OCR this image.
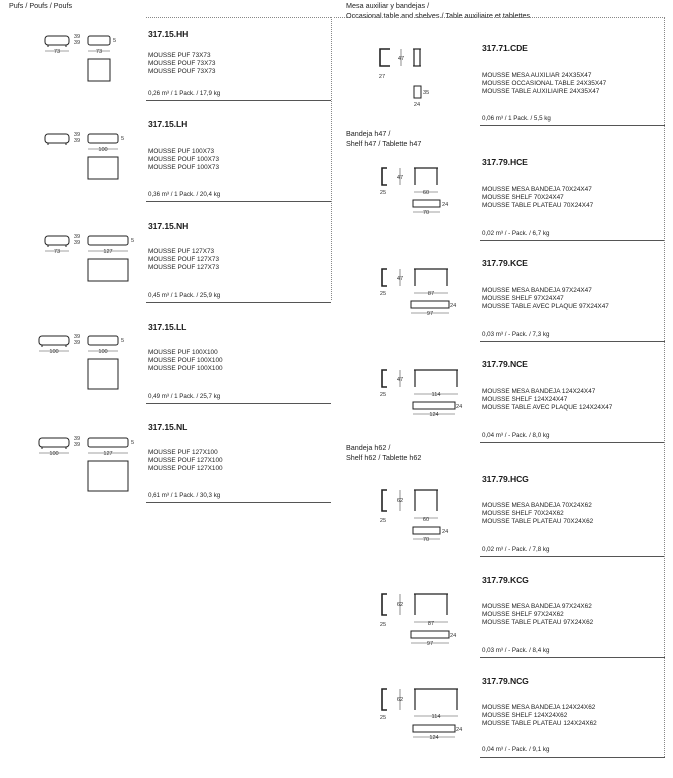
Pufs / Poufs / Poufs	Mesa auxiliar y bandejas /
Occasional table and shelves / Table auxiliaire et tablettes
Bandeja h47 /
Shelf h47 / Tablette h47
Bandeja h62 /
Shelf h62 / Tablette h62
73
39
39	5
73
317.15.HH
MOUSSE PUF 73X73
MOUSSE POUF 73X73
MOUSSE POUF 73X73
0,26 m³ / 1 Pack. / 17,9 kg
39
39	5
100
317.15.LH
MOUSSE PUF 100X73
MOUSSE POUF 100X73
MOUSSE POUF 100X73
0,36 m³ / 1 Pack. / 20,4 kg
73
39
39	5
127
317.15.NH
MOUSSE PUF 127X73
MOUSSE POUF 127X73
MOUSSE POUF 127X73
0,45 m³ / 1 Pack. / 25,9 kg
100
39
39	5
100
317.15.LL
MOUSSE PUF 100X100
MOUSSE POUF 100X100
MOUSSE POUF 100X100
0,49 m³ / 1 Pack. / 25,7 kg
100
39
39	5
127
317.15.NL
MOUSSE PUF 127X100
MOUSSE POUF 127X100
MOUSSE POUF 127X100
0,61 m³ / 1 Pack. / 30,3 kg
47
27
35
24
317.71.CDE
MOUSSE MESA AUXILIAR 24X35X47
MOUSSE OCCASIONAL TABLE 24X35X47
MOUSSE TABLE AUXILIAIRE 24X35X47
0,06 m³ / 1 Pack. / 5,5 kg
47
25	60
24
70
317.79.HCE
MOUSSE MESA BANDEJA 70X24X47
MOUSSE SHELF 70X24X47
MOUSSE TABLE PLATEAU 70X24X47
0,02 m³ / - Pack. / 6,7 kg
47
25	87
24
97
317.79.KCE
MOUSSE MESA BANDEJA 97X24X47
MOUSSE SHELF 97X24X47
MOUSSE TABLE AVEC PLAQUE 97X24X47
0,03 m³ / - Pack. / 7,3 kg
47
25	114
24
124
317.79.NCE
MOUSSE MESA BANDEJA 124X24X47
MOUSSE SHELF 124X24X47
MOUSSE TABLE AVEC PLAQUE 124X24X47
0,04 m³ / - Pack. / 8,0 kg
62
25	60
24
70
317.79.HCG
MOUSSE MESA BANDEJA 70X24X62
MOUSSE SHELF 70X24X62
MOUSSE TABLE PLATEAU 70X24X62
0,02 m³ / - Pack. / 7,8 kg
62
25	87
24
97
317.79.KCG
MOUSSE MESA BANDEJA 97X24X62
MOUSSE SHELF 97X24X62
MOUSSE TABLE PLATEAU 97X24X62
0,03 m³ / - Pack. / 8,4 kg
62
25	114
24
124
317.79.NCG
MOUSSE MESA BANDEJA 124X24X62
MOUSSE SHELF 124X24X62
MOUSSE TABLE PLATEAU 124X24X62
0,04 m³ / - Pack. / 9,1 kg
